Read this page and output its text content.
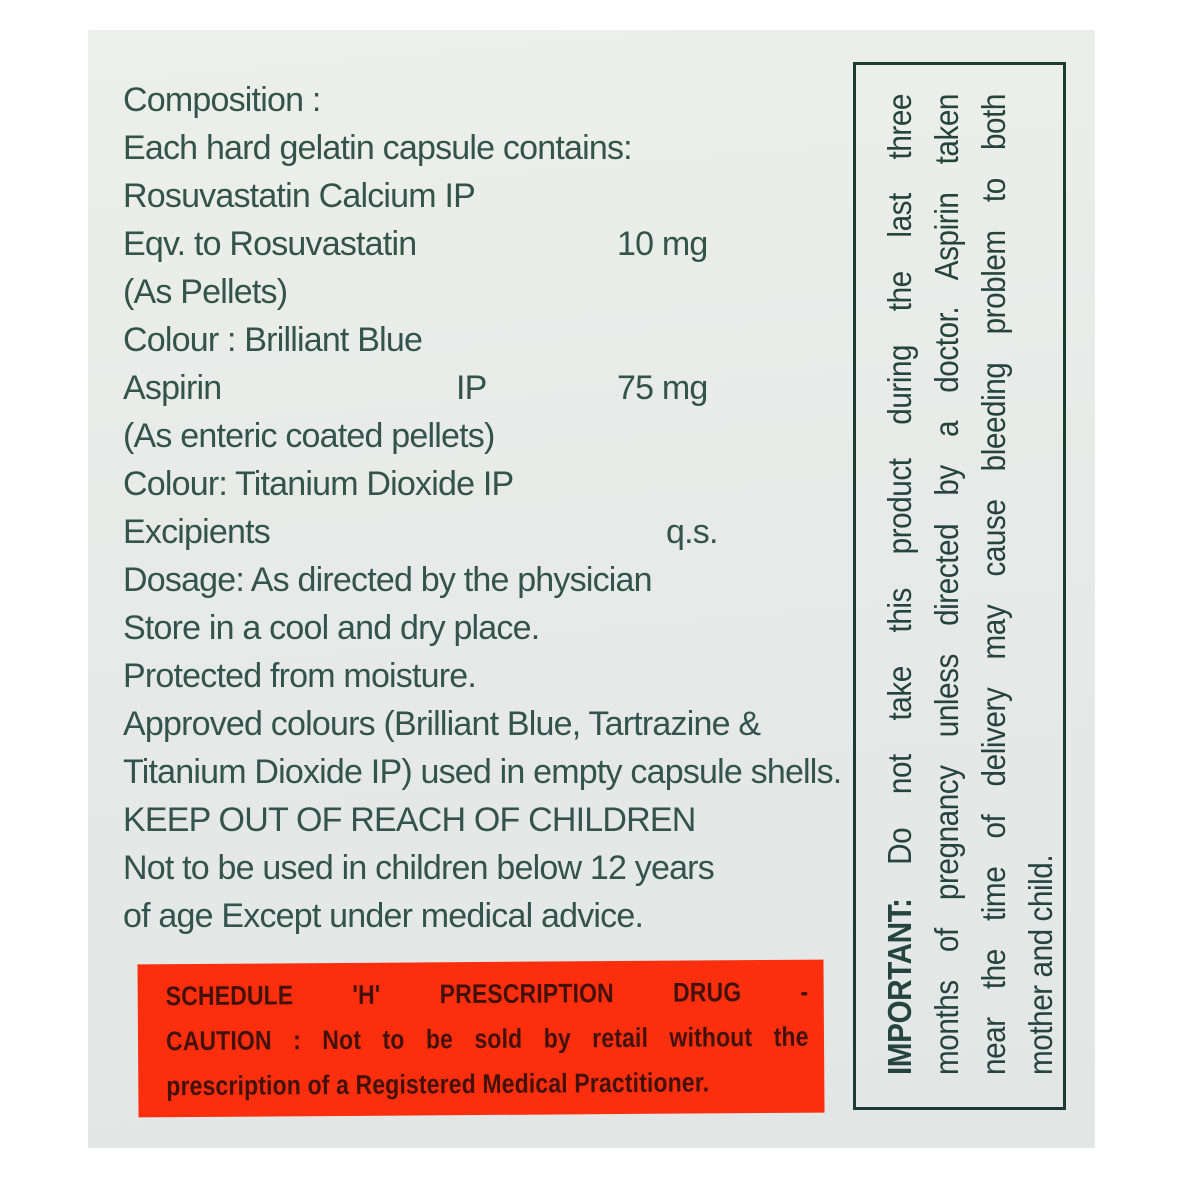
Composition :
Each hard gelatin capsule contains:
Rosuvastatin Calcium IP
Eqv. to Rosuvastatin	10 mg
(As Pellets)
Colour : Brilliant Blue
Aspirin	IP	75 mg
(As enteric coated pellets)
Colour: Titanium Dioxide IP
Excipients	q.s.
Dosage: As directed by the physician
Store in a cool and dry place.
Protected from moisture.
Approved colours (Brilliant Blue, Tartrazine &
Titanium Dioxide IP) used in empty capsule shells.
KEEP OUT OF REACH OF CHILDREN
Not to be used in children below 12 years
of age Except under medical advice.
SCHEDULE 'H' PRESCRIPTION DRUG -
CAUTION : Not to be sold by retail without the
prescription of a Registered Medical Practitioner.
IMPORTANT: Do not take this product during the last three months of pregnancy unless directed by a doctor. Aspirin taken near the time of delivery may cause bleeding problem to both mother and child.
